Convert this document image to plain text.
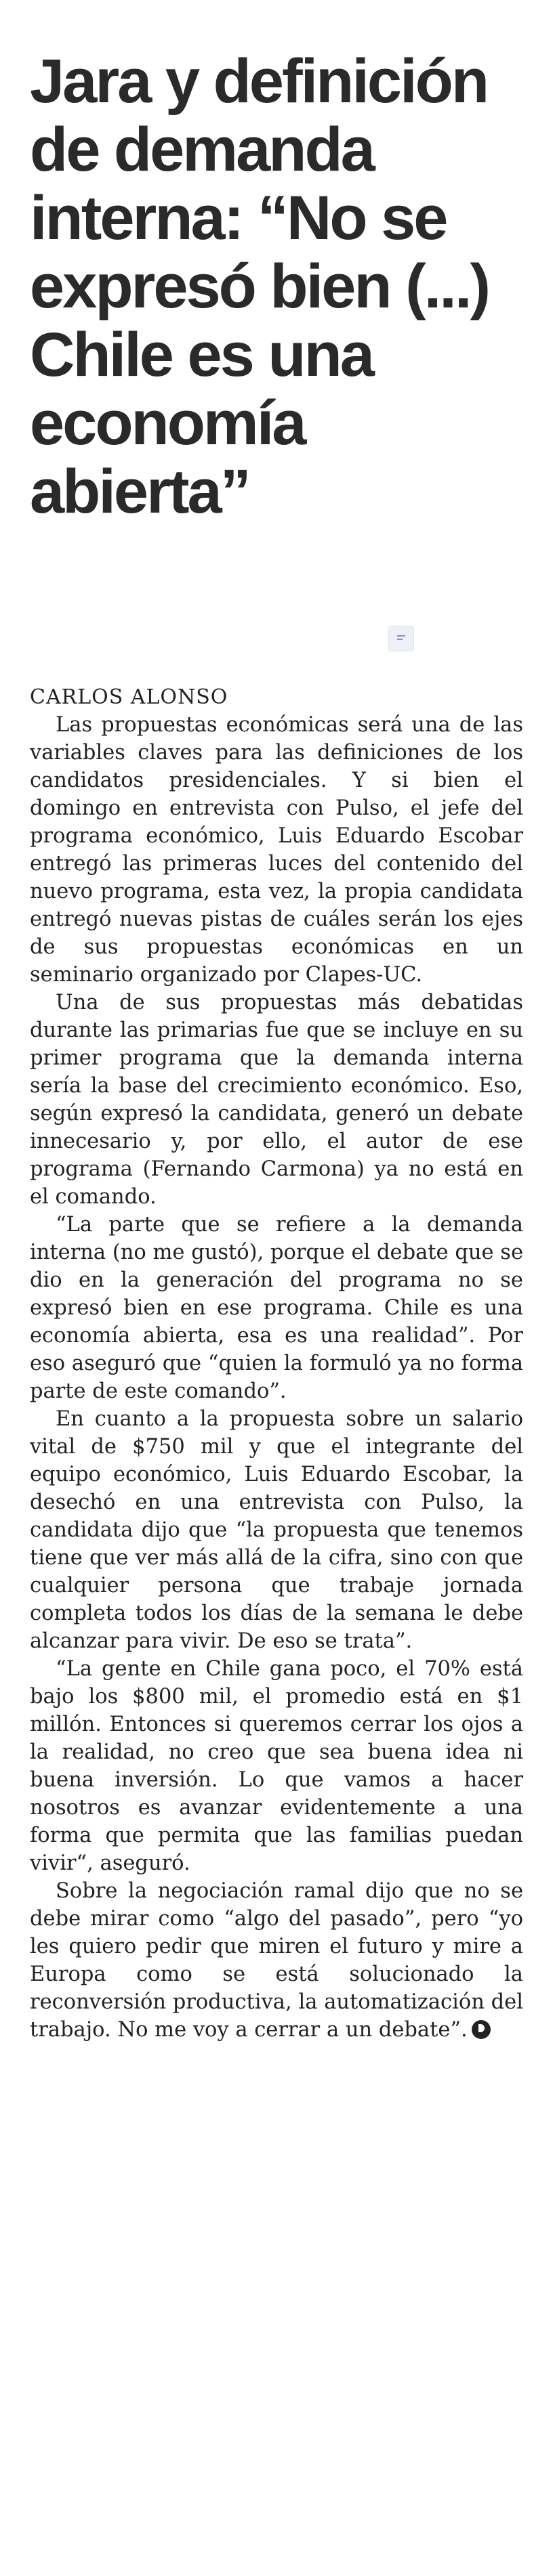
Jara y definición de demanda interna: “No se expresó bien (...) Chile es una economía abierta”

CARLOS ALONSO

Las propuestas económicas será una de las variables claves para las definiciones de los candidatos presidenciales. Y si bien el domingo en entrevista con Pulso, el jefe del programa económico, Luis Eduardo Escobar entregó las primeras luces del contenido del nuevo programa, esta vez, la propia candidata entregó nuevas pistas de cuáles serán los ejes de sus propuestas económicas en un seminario organizado por Clapes-UC.

Una de sus propuestas más debatidas durante las primarias fue que se incluye en su primer programa que la demanda interna sería la base del crecimiento económico. Eso, según expresó la candidata, generó un debate innecesario y, por ello, el autor de ese programa (Fernando Carmona) ya no está en el comando.

“La parte que se refiere a la demanda interna (no me gustó), porque el debate que se dio en la generación del programa no se expresó bien en ese programa. Chile es una economía abierta, esa es una realidad”. Por eso aseguró que “quien la formuló ya no forma parte de este comando”.

En cuanto a la propuesta sobre un salario vital de $750 mil y que el integrante del equipo económico, Luis Eduardo Escobar, la desechó en una entrevista con Pulso, la candidata dijo que “la propuesta que tenemos tiene que ver más allá de la cifra, sino con que cualquier persona que trabaje jornada completa todos los días de la semana le debe alcanzar para vivir. De eso se trata”.

“La gente en Chile gana poco, el 70% está bajo los $800 mil, el promedio está en $1 millón. Entonces si queremos cerrar los ojos a la realidad, no creo que sea buena idea ni buena inversión. Lo que vamos a hacer nosotros es avanzar evidentemente a una forma que permita que las familias puedan vivir“, aseguró.

Sobre la negociación ramal dijo que no se debe mirar como “algo del pasado”, pero “yo les quiero pedir que miren el futuro y mire a Europa como se está solucionado la reconversión productiva, la automatización del trabajo. No me voy a cerrar a un debate”.
